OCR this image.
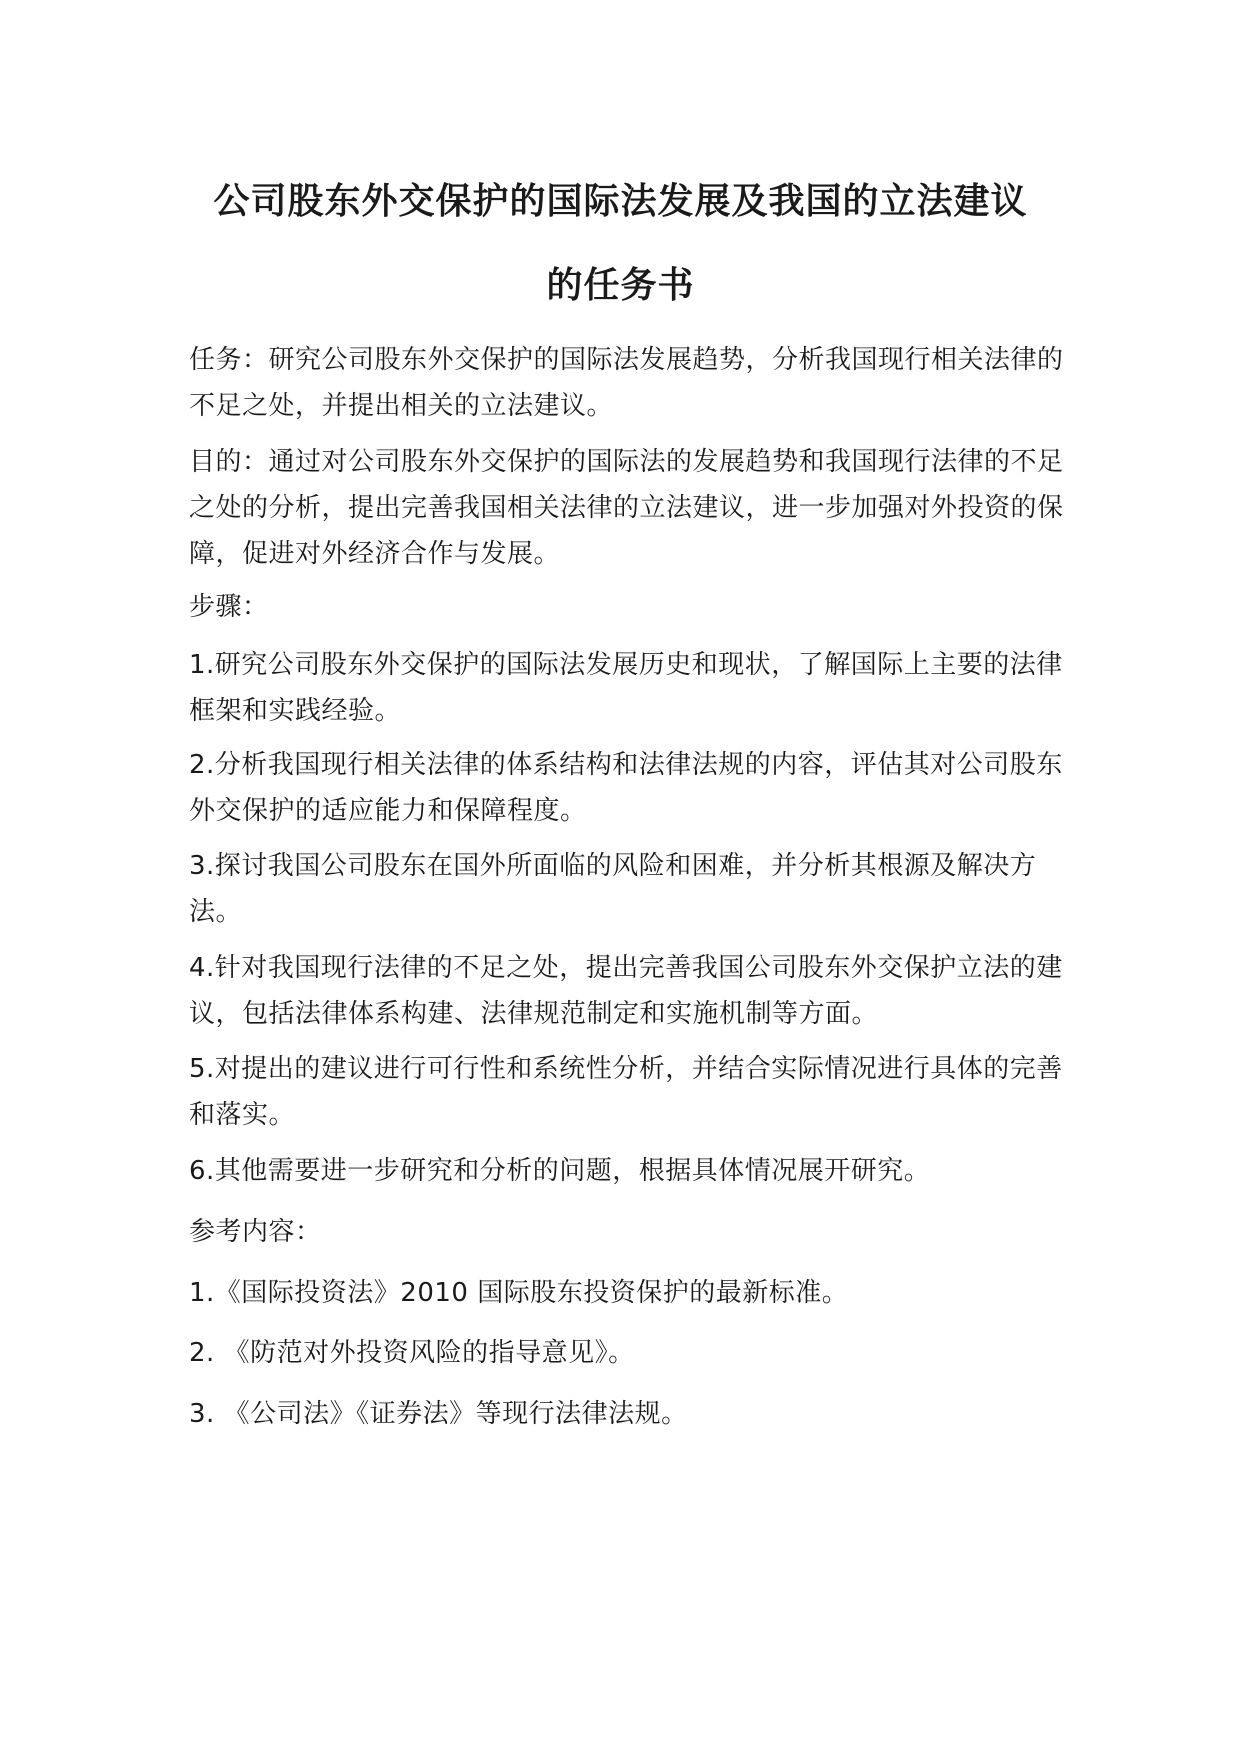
公司股东外交保护的国际法发展及我国的立法建议
的任务书

任务：研究公司股东外交保护的国际法发展趋势，分析我国现行相关法律的不足之处，并提出相关的立法建议。

目的：通过对公司股东外交保护的国际法的发展趋势和我国现行法律的不足之处的分析，提出完善我国相关法律的立法建议，进一步加强对外投资的保障，促进对外经济合作与发展。

步骤：

1.研究公司股东外交保护的国际法发展历史和现状，了解国际上主要的法律框架和实践经验。

2.分析我国现行相关法律的体系结构和法律法规的内容，评估其对公司股东外交保护的适应能力和保障程度。

3.探讨我国公司股东在国外所面临的风险和困难，并分析其根源及解决方法。

4.针对我国现行法律的不足之处，提出完善我国公司股东外交保护立法的建议，包括法律体系构建、法律规范制定和实施机制等方面。

5.对提出的建议进行可行性和系统性分析，并结合实际情况进行具体的完善和落实。

6.其他需要进一步研究和分析的问题，根据具体情况展开研究。

参考内容：

1.《国际投资法》2010 国际股东投资保护的最新标准。

2. 《防范对外投资风险的指导意见》。

3. 《公司法》《证券法》等现行法律法规。
